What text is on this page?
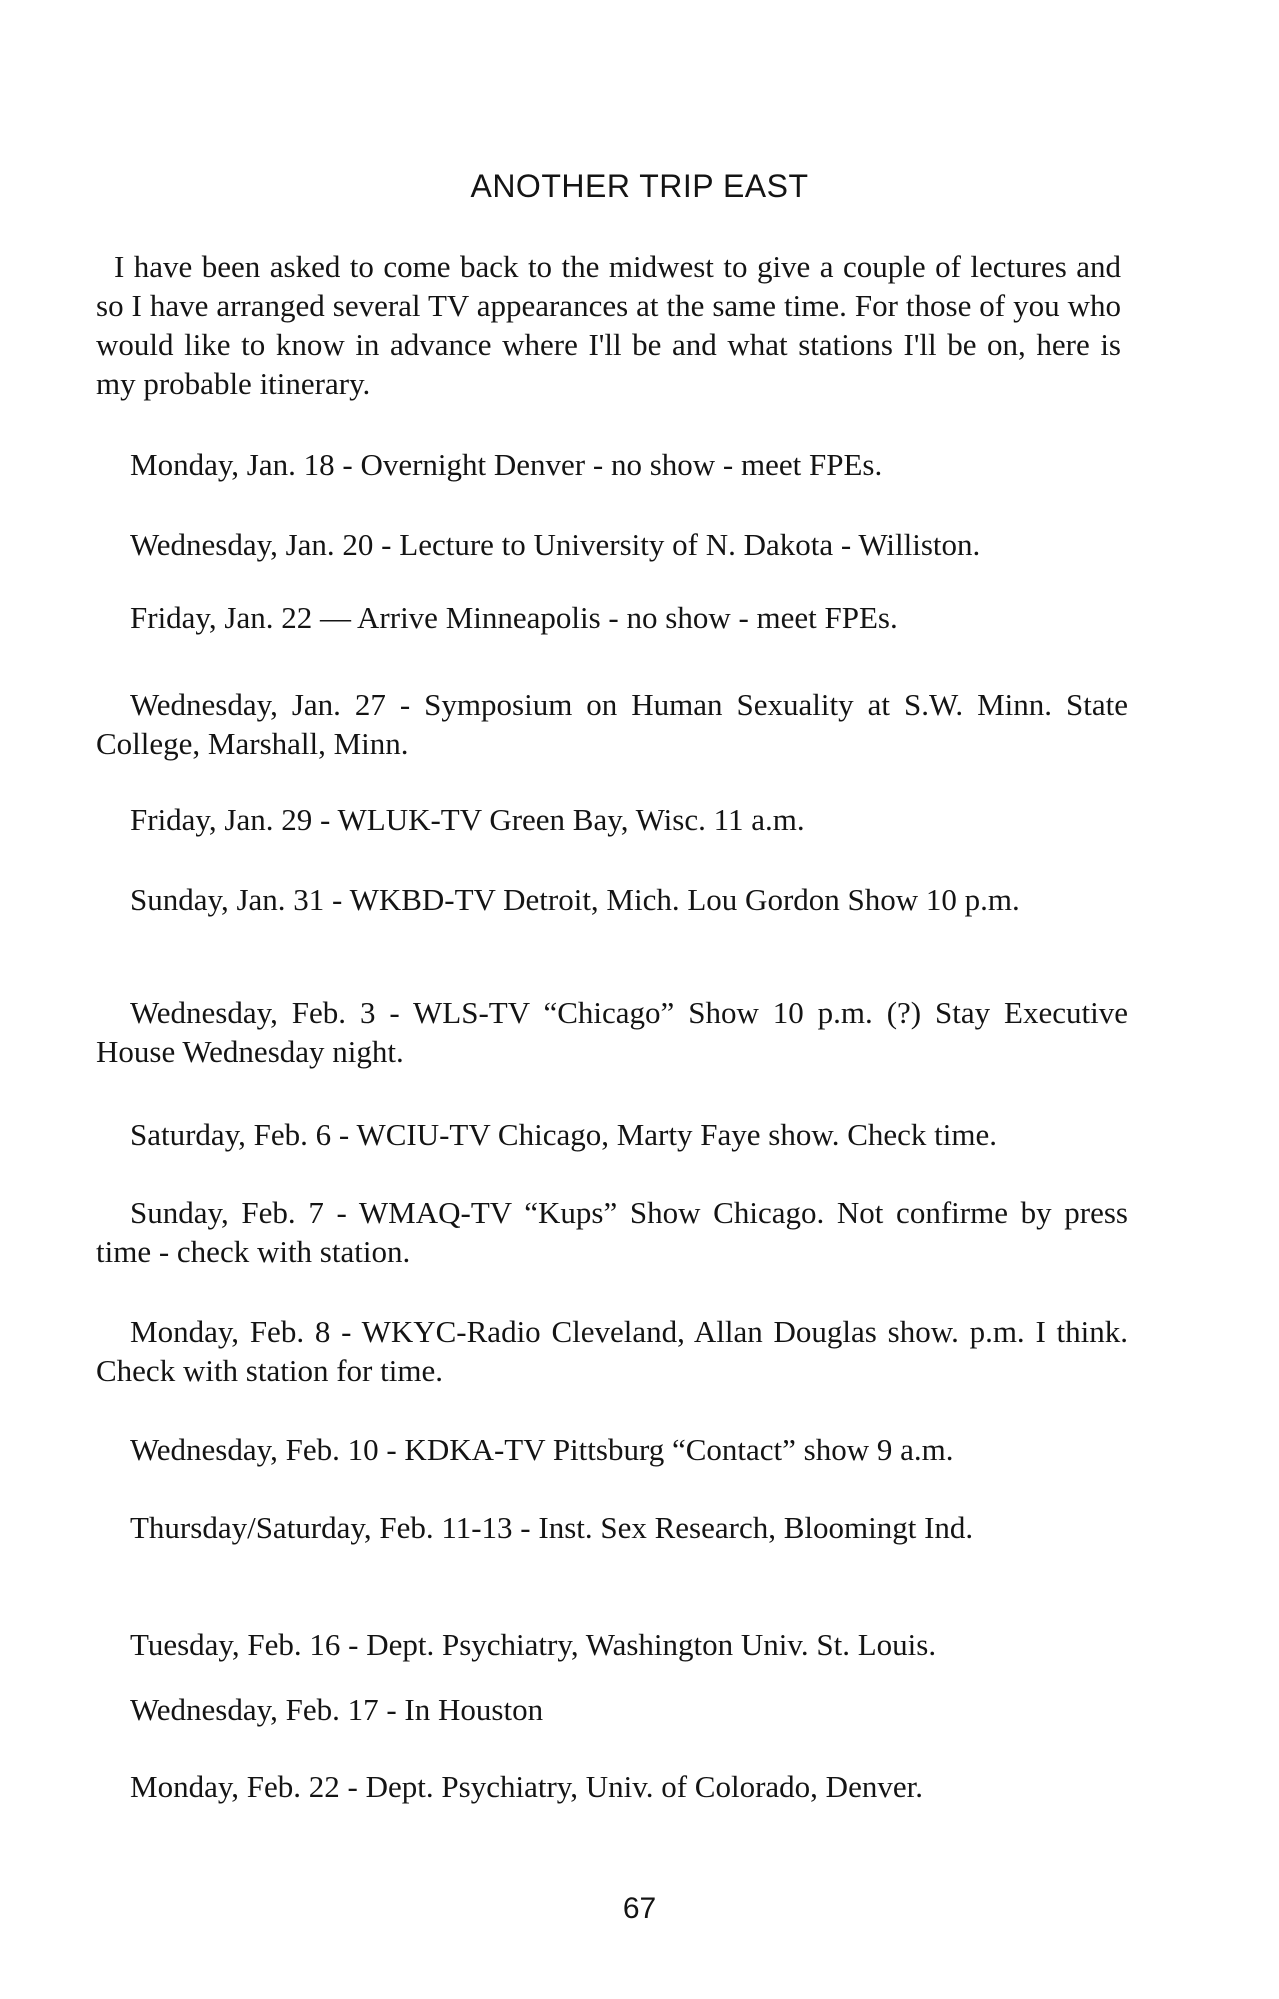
ANOTHER TRIP EAST

I have been asked to come back to the midwest to give a couple of lectures and so I have arranged several TV appearances at the same time. For those of you who would like to know in advance where I'll be and what stations I'll be on, here is my probable itinerary.

Monday, Jan. 18 - Overnight Denver - no show - meet FPEs.

Wednesday, Jan. 20 - Lecture to University of N. Dakota - Williston.

Friday, Jan. 22 — Arrive Minneapolis - no show - meet FPEs.

Wednesday, Jan. 27 - Symposium on Human Sexuality at S.W. Minn. State College, Marshall, Minn.

Friday, Jan. 29 - WLUK-TV Green Bay, Wisc. 11 a.m.

Sunday, Jan. 31 - WKBD-TV Detroit, Mich. Lou Gordon Show 10 p.m.

Wednesday, Feb. 3 - WLS-TV “Chicago” Show 10 p.m. (?) Stay Executive House Wednesday night.

Saturday, Feb. 6 - WCIU-TV Chicago, Marty Faye show. Check time.

Sunday, Feb. 7 - WMAQ-TV “Kups” Show Chicago. Not confirme by press time - check with station.

Monday, Feb. 8 - WKYC-Radio Cleveland, Allan Douglas show. p.m. I think. Check with station for time.

Wednesday, Feb. 10 - KDKA-TV Pittsburg “Contact” show 9 a.m.

Thursday/Saturday, Feb. 11-13 - Inst. Sex Research, Bloomingt Ind.

Tuesday, Feb. 16 - Dept. Psychiatry, Washington Univ. St. Louis.

Wednesday, Feb. 17 - In Houston

Monday, Feb. 22 - Dept. Psychiatry, Univ. of Colorado, Denver.

67
